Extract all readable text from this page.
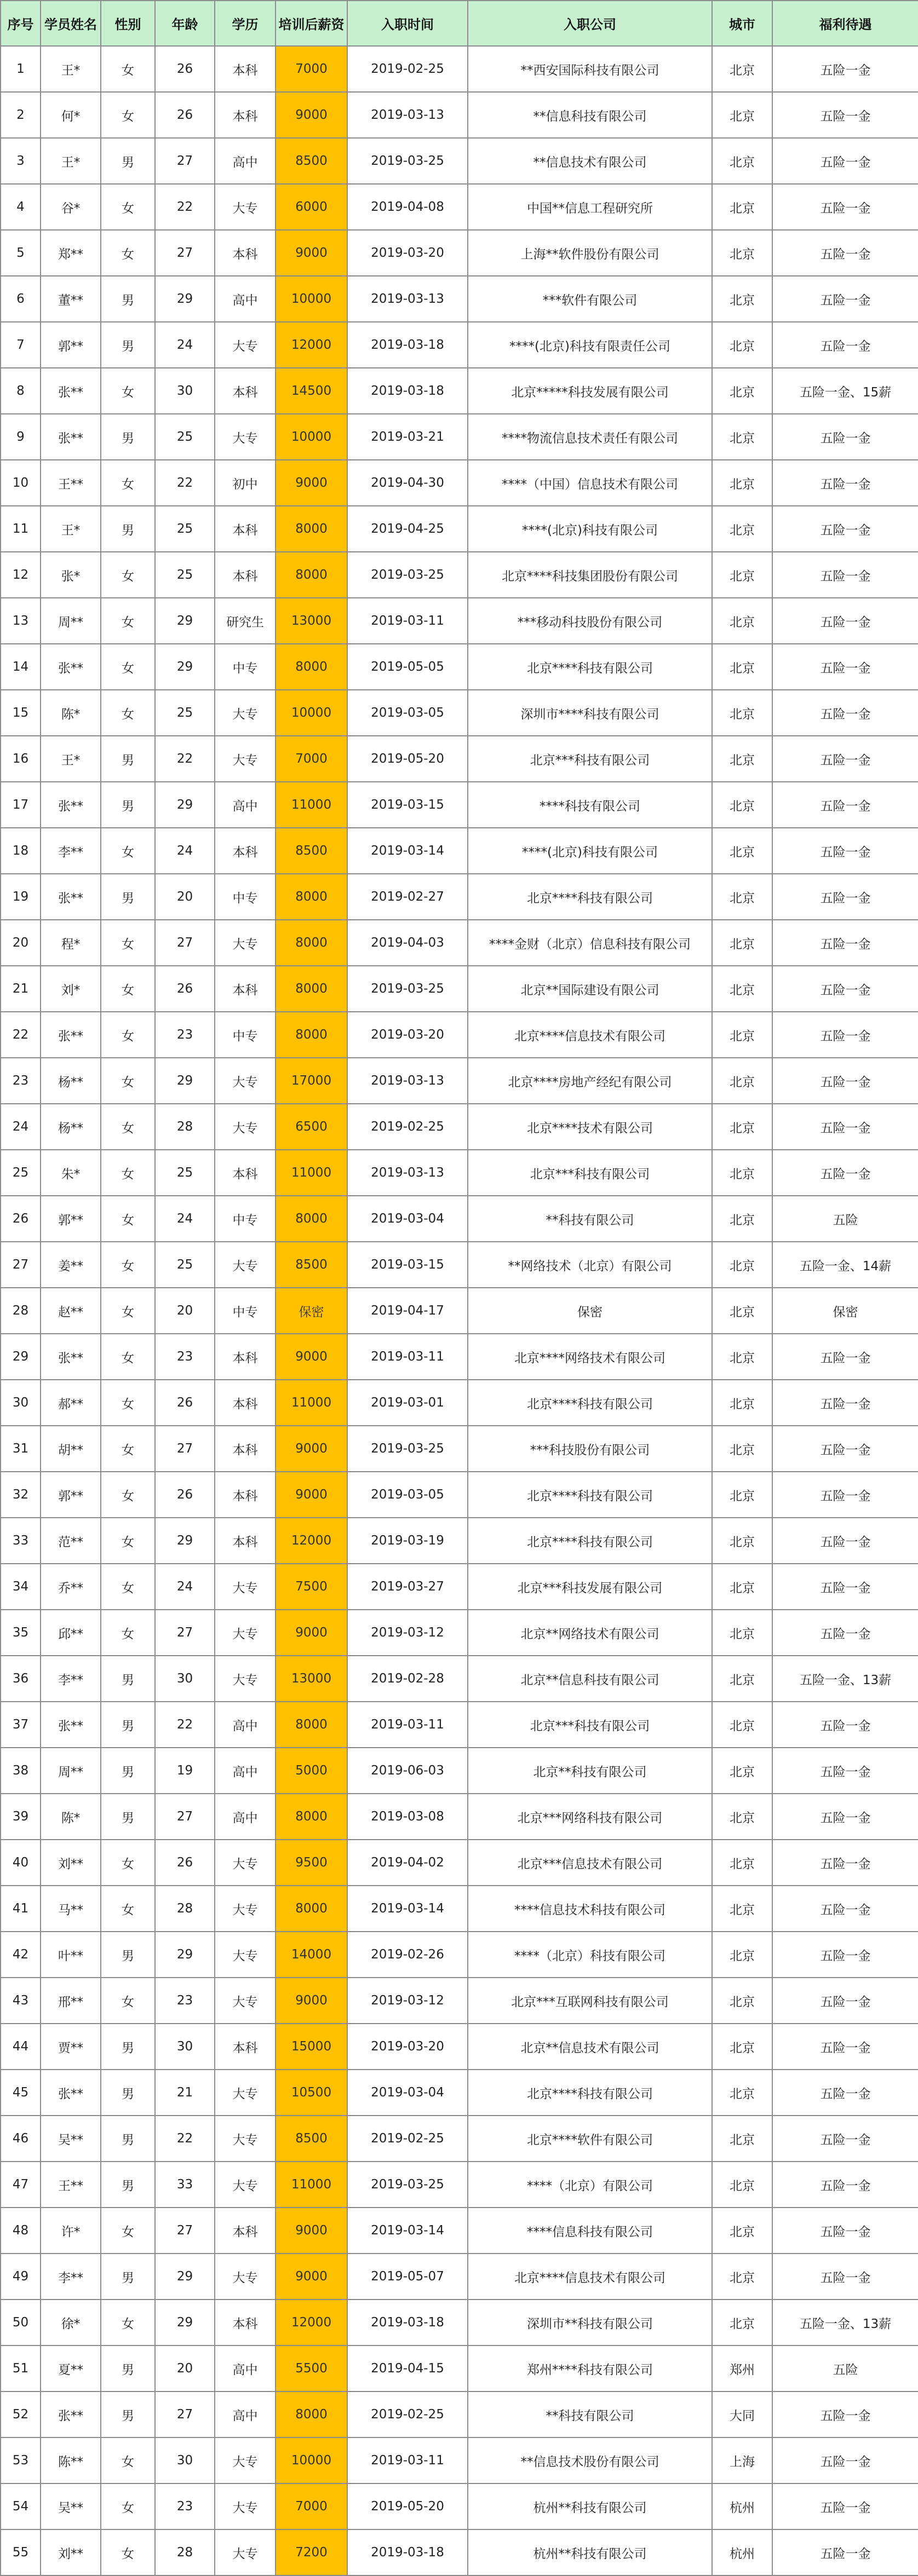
序号	学员姓名	性别	年龄	学历	培训后薪资	入职时间	入职公司	城市	福利待遇
1	王*	女	26	本科	7000	2019-02-25	**西安国际科技有限公司	北京	五险一金
2	何*	女	26	本科	9000	2019-03-13	**信息科技有限公司	北京	五险一金
3	王*	男	27	高中	8500	2019-03-25	**信息技术有限公司	北京	五险一金
4	谷*	女	22	大专	6000	2019-04-08	中国**信息工程研究所	北京	五险一金
5	郑**	女	27	本科	9000	2019-03-20	上海**软件股份有限公司	北京	五险一金
6	董**	男	29	高中	10000	2019-03-13	***软件有限公司	北京	五险一金
7	郭**	男	24	大专	12000	2019-03-18	****(北京)科技有限责任公司	北京	五险一金
8	张**	女	30	本科	14500	2019-03-18	北京*****科技发展有限公司	北京	五险一金、15薪
9	张**	男	25	大专	10000	2019-03-21	****物流信息技术责任有限公司	北京	五险一金
10	王**	女	22	初中	9000	2019-04-30	****（中国）信息技术有限公司	北京	五险一金
11	王*	男	25	本科	8000	2019-04-25	****(北京)科技有限公司	北京	五险一金
12	张*	女	25	本科	8000	2019-03-25	北京****科技集团股份有限公司	北京	五险一金
13	周**	女	29	研究生	13000	2019-03-11	***移动科技股份有限公司	北京	五险一金
14	张**	女	29	中专	8000	2019-05-05	北京****科技有限公司	北京	五险一金
15	陈*	女	25	大专	10000	2019-03-05	深圳市****科技有限公司	北京	五险一金
16	王*	男	22	大专	7000	2019-05-20	北京***科技有限公司	北京	五险一金
17	张**	男	29	高中	11000	2019-03-15	****科技有限公司	北京	五险一金
18	李**	女	24	本科	8500	2019-03-14	****(北京)科技有限公司	北京	五险一金
19	张**	男	20	中专	8000	2019-02-27	北京****科技有限公司	北京	五险一金
20	程*	女	27	大专	8000	2019-04-03	****金财（北京）信息科技有限公司	北京	五险一金
21	刘*	女	26	本科	8000	2019-03-25	北京**国际建设有限公司	北京	五险一金
22	张**	女	23	中专	8000	2019-03-20	北京****信息技术有限公司	北京	五险一金
23	杨**	女	29	大专	17000	2019-03-13	北京****房地产经纪有限公司	北京	五险一金
24	杨**	女	28	大专	6500	2019-02-25	北京****技术有限公司	北京	五险一金
25	朱*	女	25	本科	11000	2019-03-13	北京***科技有限公司	北京	五险一金
26	郭**	女	24	中专	8000	2019-03-04	**科技有限公司	北京	五险
27	姜**	女	25	大专	8500	2019-03-15	**网络技术（北京）有限公司	北京	五险一金、14薪
28	赵**	女	20	中专	保密	2019-04-17	保密	北京	保密
29	张**	女	23	本科	9000	2019-03-11	北京****网络技术有限公司	北京	五险一金
30	郝**	女	26	本科	11000	2019-03-01	北京****科技有限公司	北京	五险一金
31	胡**	女	27	本科	9000	2019-03-25	***科技股份有限公司	北京	五险一金
32	郭**	女	26	本科	9000	2019-03-05	北京****科技有限公司	北京	五险一金
33	范**	女	29	本科	12000	2019-03-19	北京****科技有限公司	北京	五险一金
34	乔**	女	24	大专	7500	2019-03-27	北京***科技发展有限公司	北京	五险一金
35	邱**	女	27	大专	9000	2019-03-12	北京**网络技术有限公司	北京	五险一金
36	李**	男	30	大专	13000	2019-02-28	北京**信息科技有限公司	北京	五险一金、13薪
37	张**	男	22	高中	8000	2019-03-11	北京***科技有限公司	北京	五险一金
38	周**	男	19	高中	5000	2019-06-03	北京**科技有限公司	北京	五险一金
39	陈*	男	27	高中	8000	2019-03-08	北京***网络科技有限公司	北京	五险一金
40	刘**	女	26	大专	9500	2019-04-02	北京***信息技术有限公司	北京	五险一金
41	马**	女	28	大专	8000	2019-03-14	****信息技术科技有限公司	北京	五险一金
42	叶**	男	29	大专	14000	2019-02-26	****（北京）科技有限公司	北京	五险一金
43	邢**	女	23	大专	9000	2019-03-12	北京***互联网科技有限公司	北京	五险一金
44	贾**	男	30	本科	15000	2019-03-20	北京**信息技术有限公司	北京	五险一金
45	张**	男	21	大专	10500	2019-03-04	北京****科技有限公司	北京	五险一金
46	吴**	男	22	大专	8500	2019-02-25	北京****软件有限公司	北京	五险一金
47	王**	男	33	大专	11000	2019-03-25	****（北京）有限公司	北京	五险一金
48	许*	女	27	本科	9000	2019-03-14	****信息科技有限公司	北京	五险一金
49	李**	男	29	大专	9000	2019-05-07	北京****信息技术有限公司	北京	五险一金
50	徐*	女	29	本科	12000	2019-03-18	深圳市**科技有限公司	北京	五险一金、13薪
51	夏**	男	20	高中	5500	2019-04-15	郑州****科技有限公司	郑州	五险
52	张**	男	27	高中	8000	2019-02-25	**科技有限公司	大同	五险一金
53	陈**	女	30	大专	10000	2019-03-11	**信息技术股份有限公司	上海	五险一金
54	吴**	女	23	大专	7000	2019-05-20	杭州**科技有限公司	杭州	五险一金
55	刘**	女	28	大专	7200	2019-03-18	杭州**科技有限公司	杭州	五险一金
